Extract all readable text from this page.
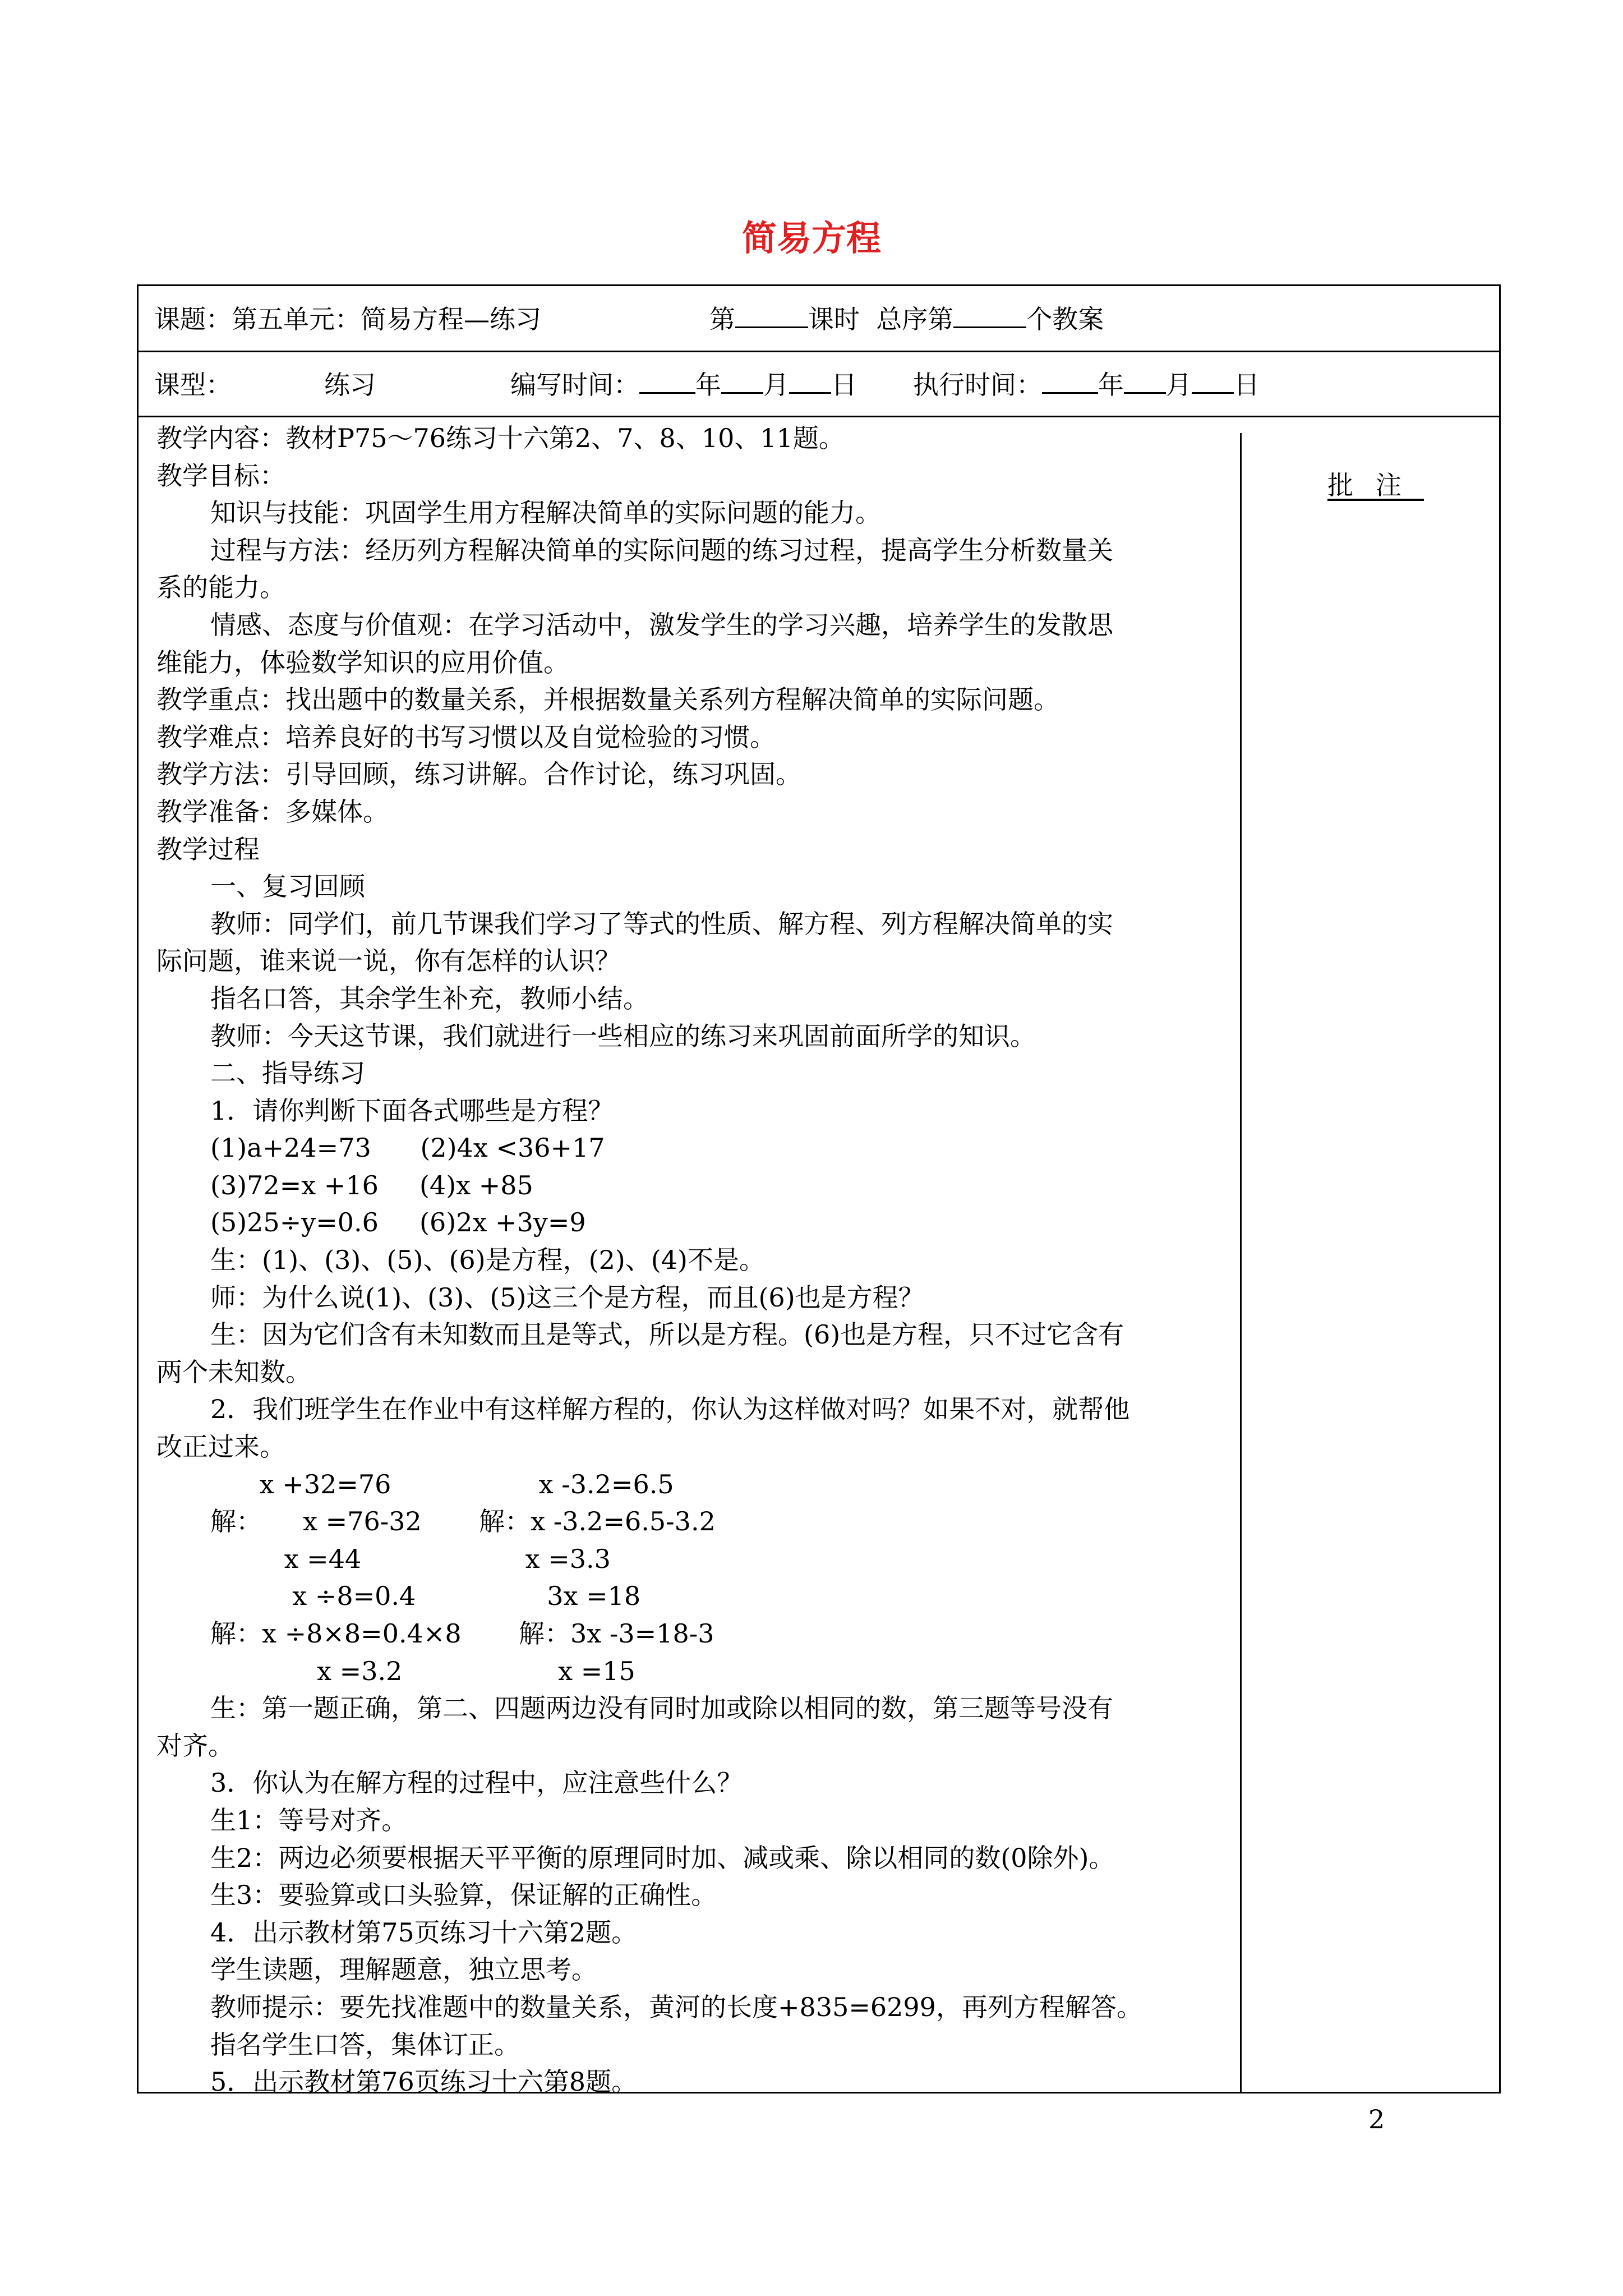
简易方程
课题：第五单元：简易方程—练习	第	课时  总序第	个教案
课型：	练习	编写时间： 年 月 日 执行时间： 年 月 日
批注
教学内容：教材P75～76练习十六第2、7、8、10、11题。
教学目标：
知识与技能：巩固学生用方程解决简单的实际问题的能力。
过程与方法：经历列方程解决简单的实际问题的练习过程，提高学生分析数量关
系的能力。
情感、态度与价值观：在学习活动中，激发学生的学习兴趣，培养学生的发散思
维能力，体验数学知识的应用价值。
教学重点：找出题中的数量关系，并根据数量关系列方程解决简单的实际问题。
教学难点：培养良好的书写习惯以及自觉检验的习惯。
教学方法：引导回顾，练习讲解。合作讨论，练习巩固。
教学准备：多媒体。
教学过程
一、复习回顾
教师：同学们，前几节课我们学习了等式的性质、解方程、列方程解决简单的实
际问题，谁来说一说，你有怎样的认识？
指名口答，其余学生补充，教师小结。
教师：今天这节课，我们就进行一些相应的练习来巩固前面所学的知识。
二、指导练习
1．请你判断下面各式哪些是方程？
(1)a+24=73      (2)4x <36+17
(3)72=x +16     (4)x +85
(5)25÷y=0.6     (6)2x +3y=9
生：(1)、(3)、(5)、(6)是方程，(2)、(4)不是。
师：为什么说(1)、(3)、(5)这三个是方程，而且(6)也是方程？
生：因为它们含有未知数而且是等式，所以是方程。(6)也是方程，只不过它含有
两个未知数。
2．我们班学生在作业中有这样解方程的，你认为这样做对吗？如果不对，就帮他
改正过来。
x +32=76                  x -3.2=6.5
解：     x =76-32       解：x -3.2=6.5-3.2
x =44                    x =3.3
x ÷8=0.4                3x =18
解：x ÷8×8=0.4×8       解：3x -3=18-3
x =3.2                   x =15
生：第一题正确，第二、四题两边没有同时加或除以相同的数，第三题等号没有
对齐。
3．你认为在解方程的过程中，应注意些什么？
生1：等号对齐。
生2：两边必须要根据天平平衡的原理同时加、减或乘、除以相同的数(0除外)。
生3：要验算或口头验算，保证解的正确性。
4．出示教材第75页练习十六第2题。
学生读题，理解题意，独立思考。
教师提示：要先找准题中的数量关系，黄河的长度+835=6299，再列方程解答。
指名学生口答，集体订正。
5．出示教材第76页练习十六第8题。
2
